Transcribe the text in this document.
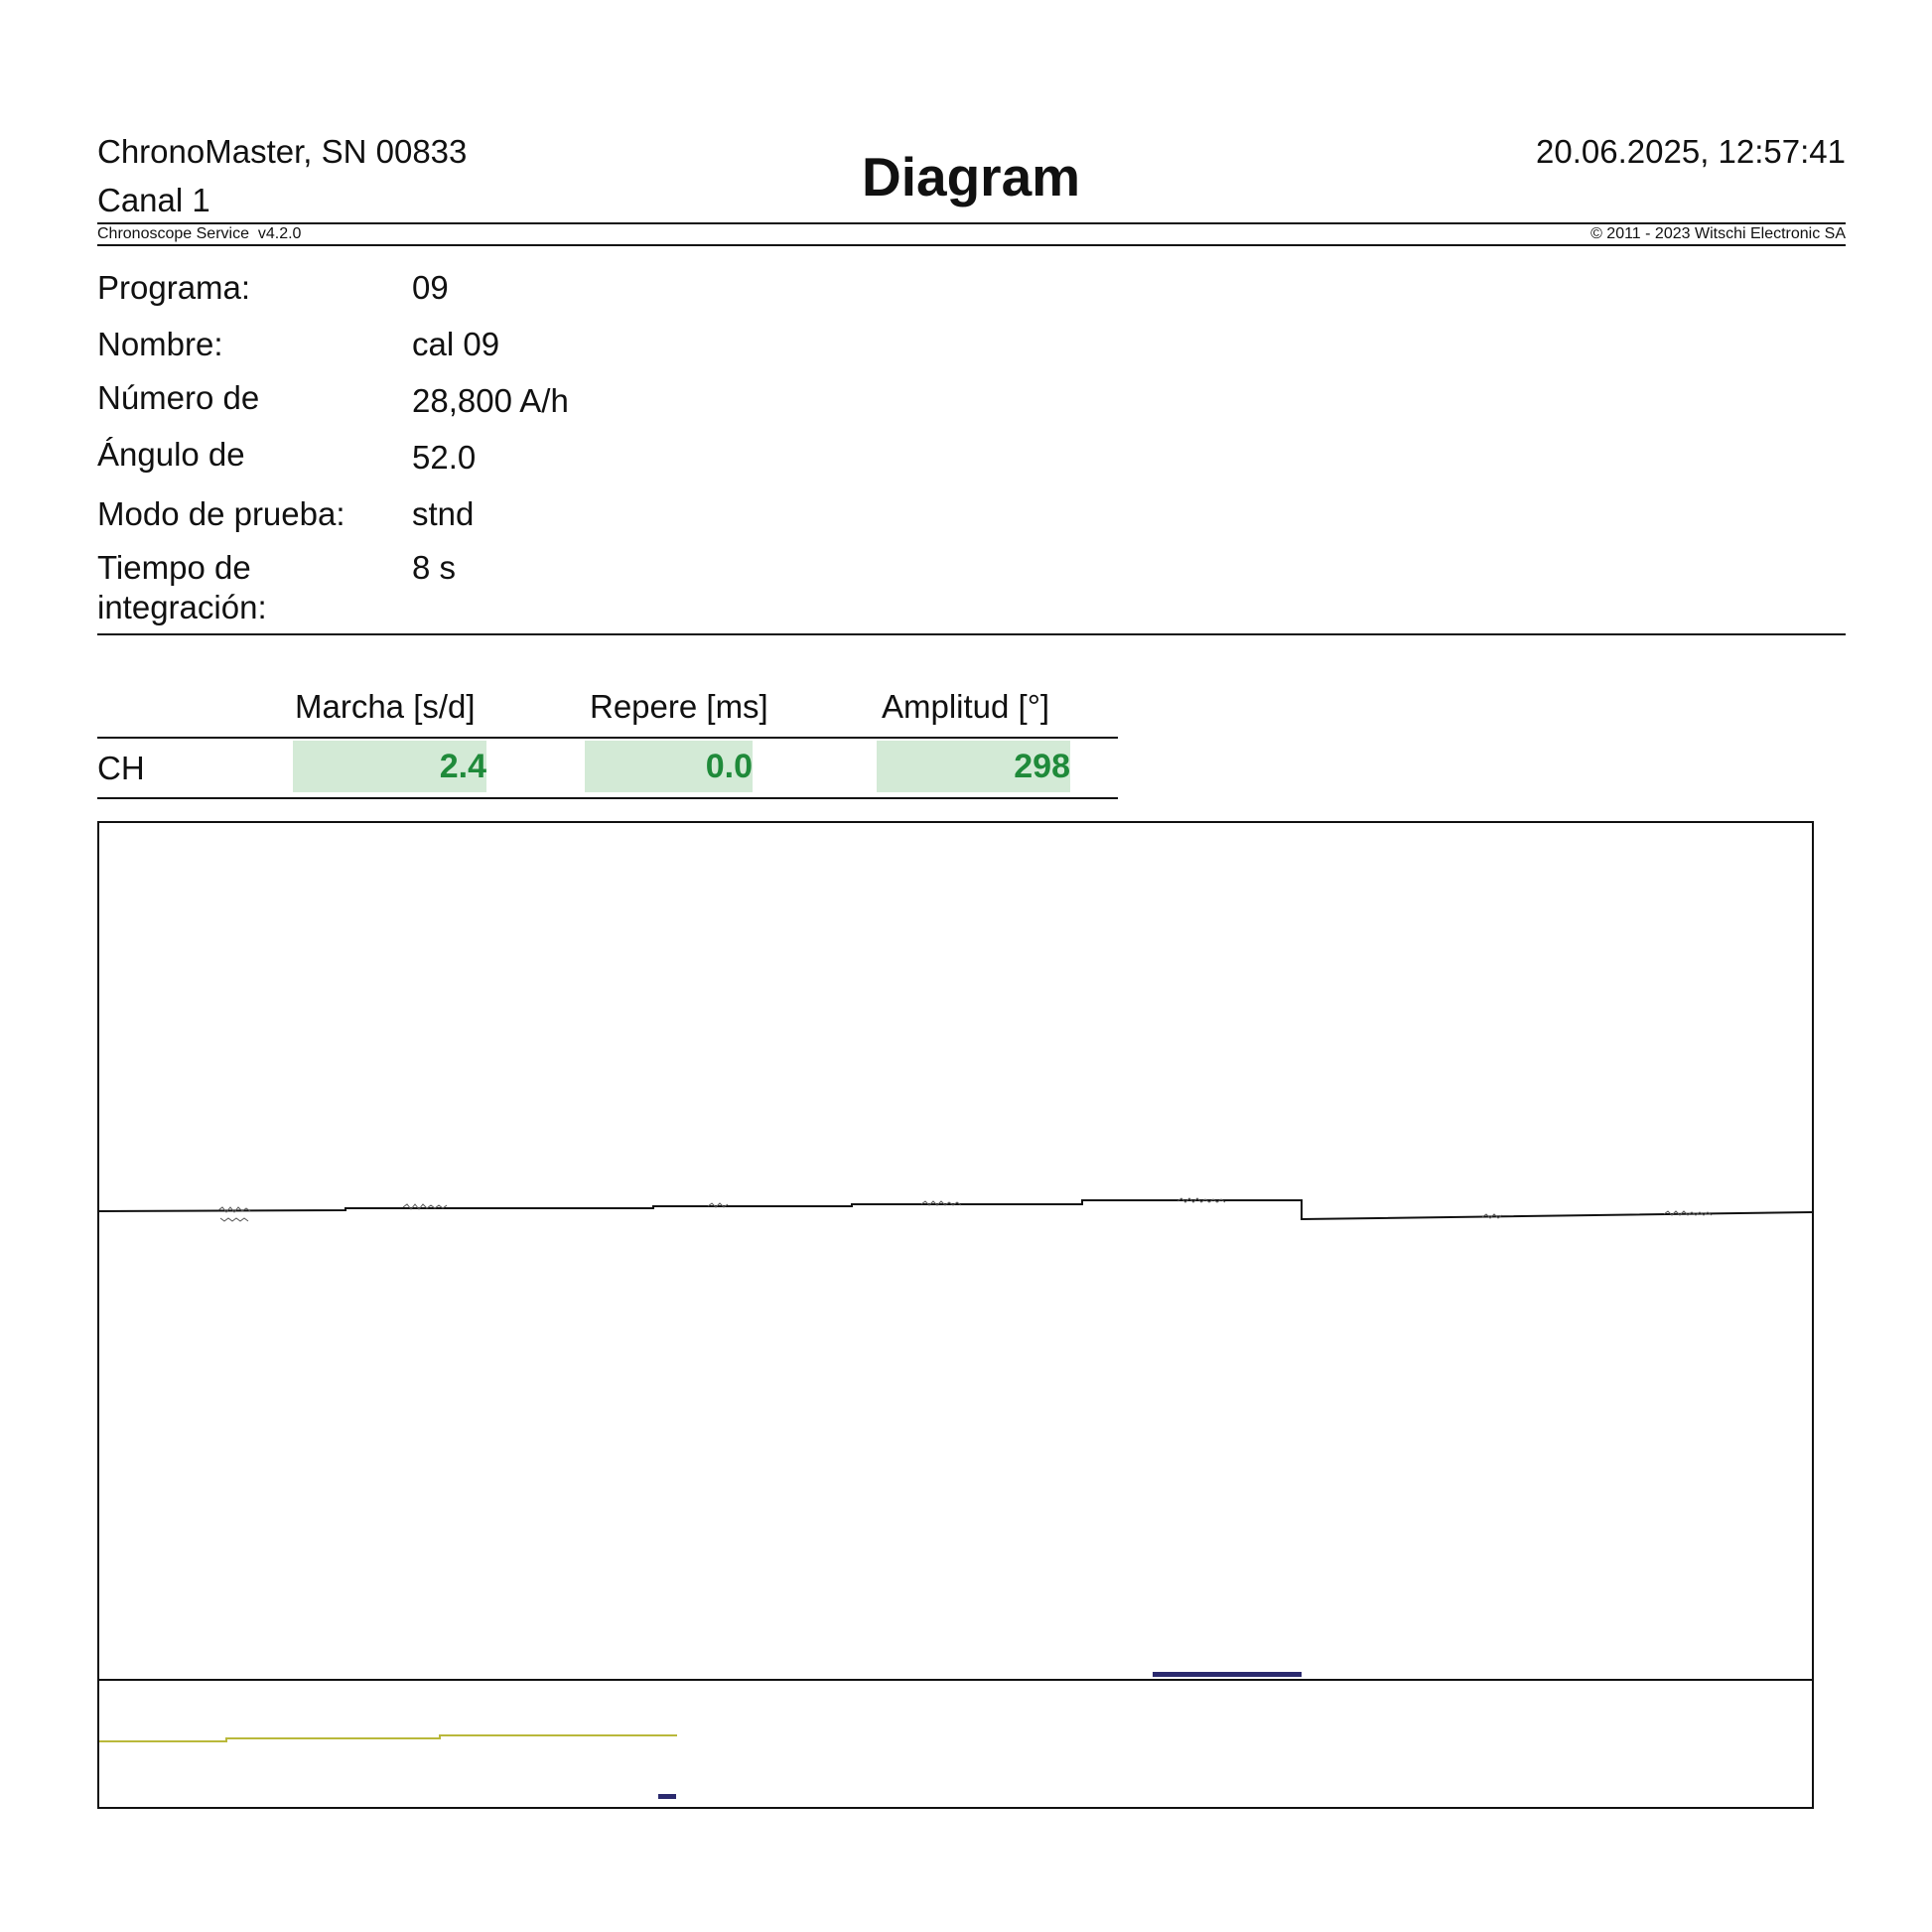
ChronoMaster, SN 00833
Canal 1	Diagram	20.06.2025, 12:57:41
Chronoscope Service  v4.2.0	© 2011 - 2023 Witschi Electronic SA
Programa:	09
Nombre:	cal 09
Número de	28,800 A/h
Ángulo de	52.0
Modo de prueba: stnd
Tiempo de
integración:
8 s
Marcha [s/d]	Repere [ms]	Amplitud [°]
CH	2.4	0.0	298
